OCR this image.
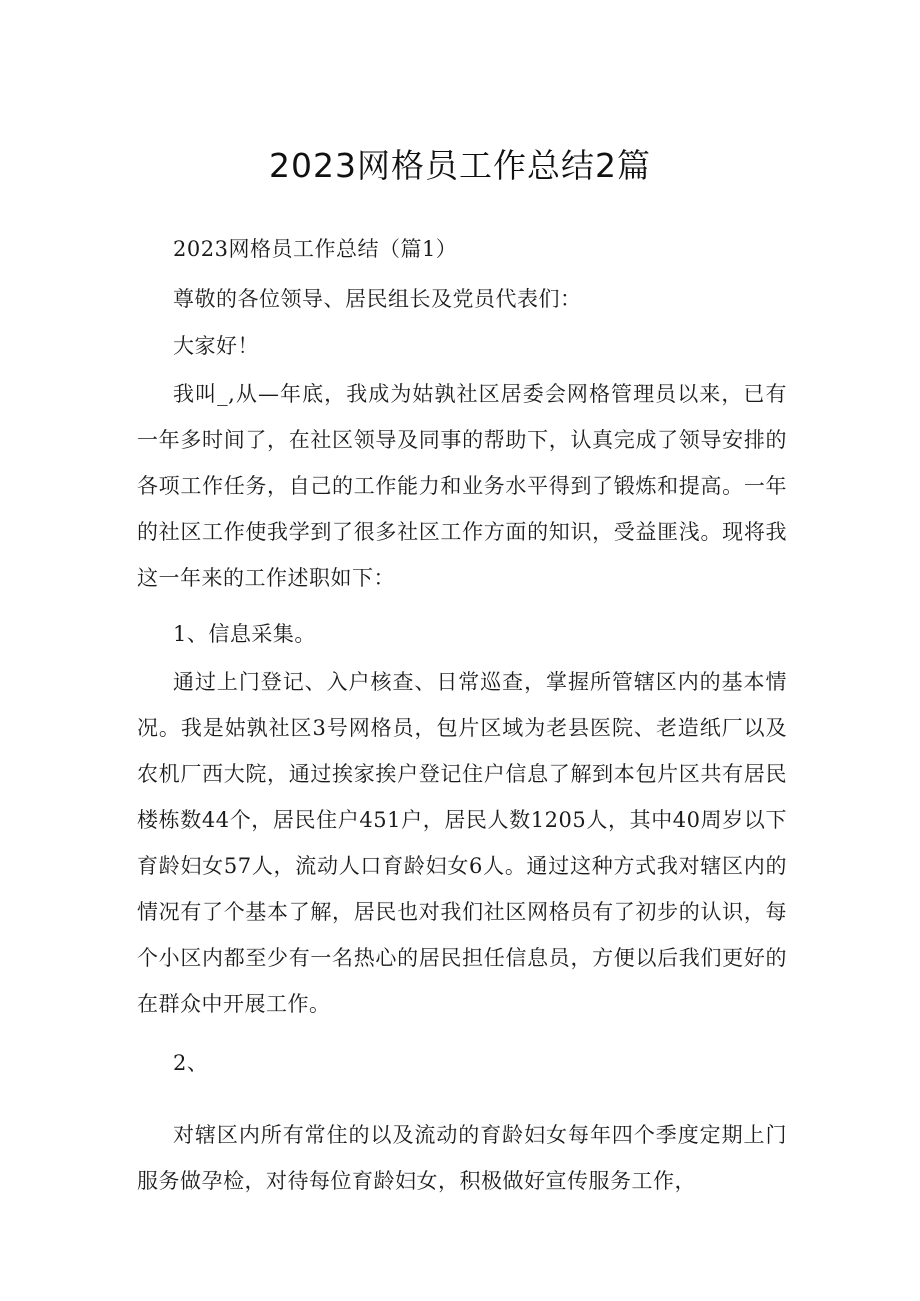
2023网格员工作总结2篇

2023网格员工作总结（篇1）

尊敬的各位领导、居民组长及党员代表们：

大家好！

我叫_,从—年底，我成为姑孰社区居委会网格管理员以来，已有一年多时间了，在社区领导及同事的帮助下，认真完成了领导安排的各项工作任务，自己的工作能力和业务水平得到了锻炼和提高。一年的社区工作使我学到了很多社区工作方面的知识，受益匪浅。现将我这一年来的工作述职如下：

1、信息采集。

通过上门登记、入户核查、日常巡查，掌握所管辖区内的基本情况。我是姑孰社区3号网格员，包片区域为老县医院、老造纸厂以及农机厂西大院，通过挨家挨户登记住户信息了解到本包片区共有居民楼栋数44个，居民住户451户，居民人数1205人，其中40周岁以下育龄妇女57人，流动人口育龄妇女6人。通过这种方式我对辖区内的情况有了个基本了解，居民也对我们社区网格员有了初步的认识，每个小区内都至少有一名热心的居民担任信息员，方便以后我们更好的在群众中开展工作。

2、

对辖区内所有常住的以及流动的育龄妇女每年四个季度定期上门服务做孕检，对待每位育龄妇女，积极做好宣传服务工作，
